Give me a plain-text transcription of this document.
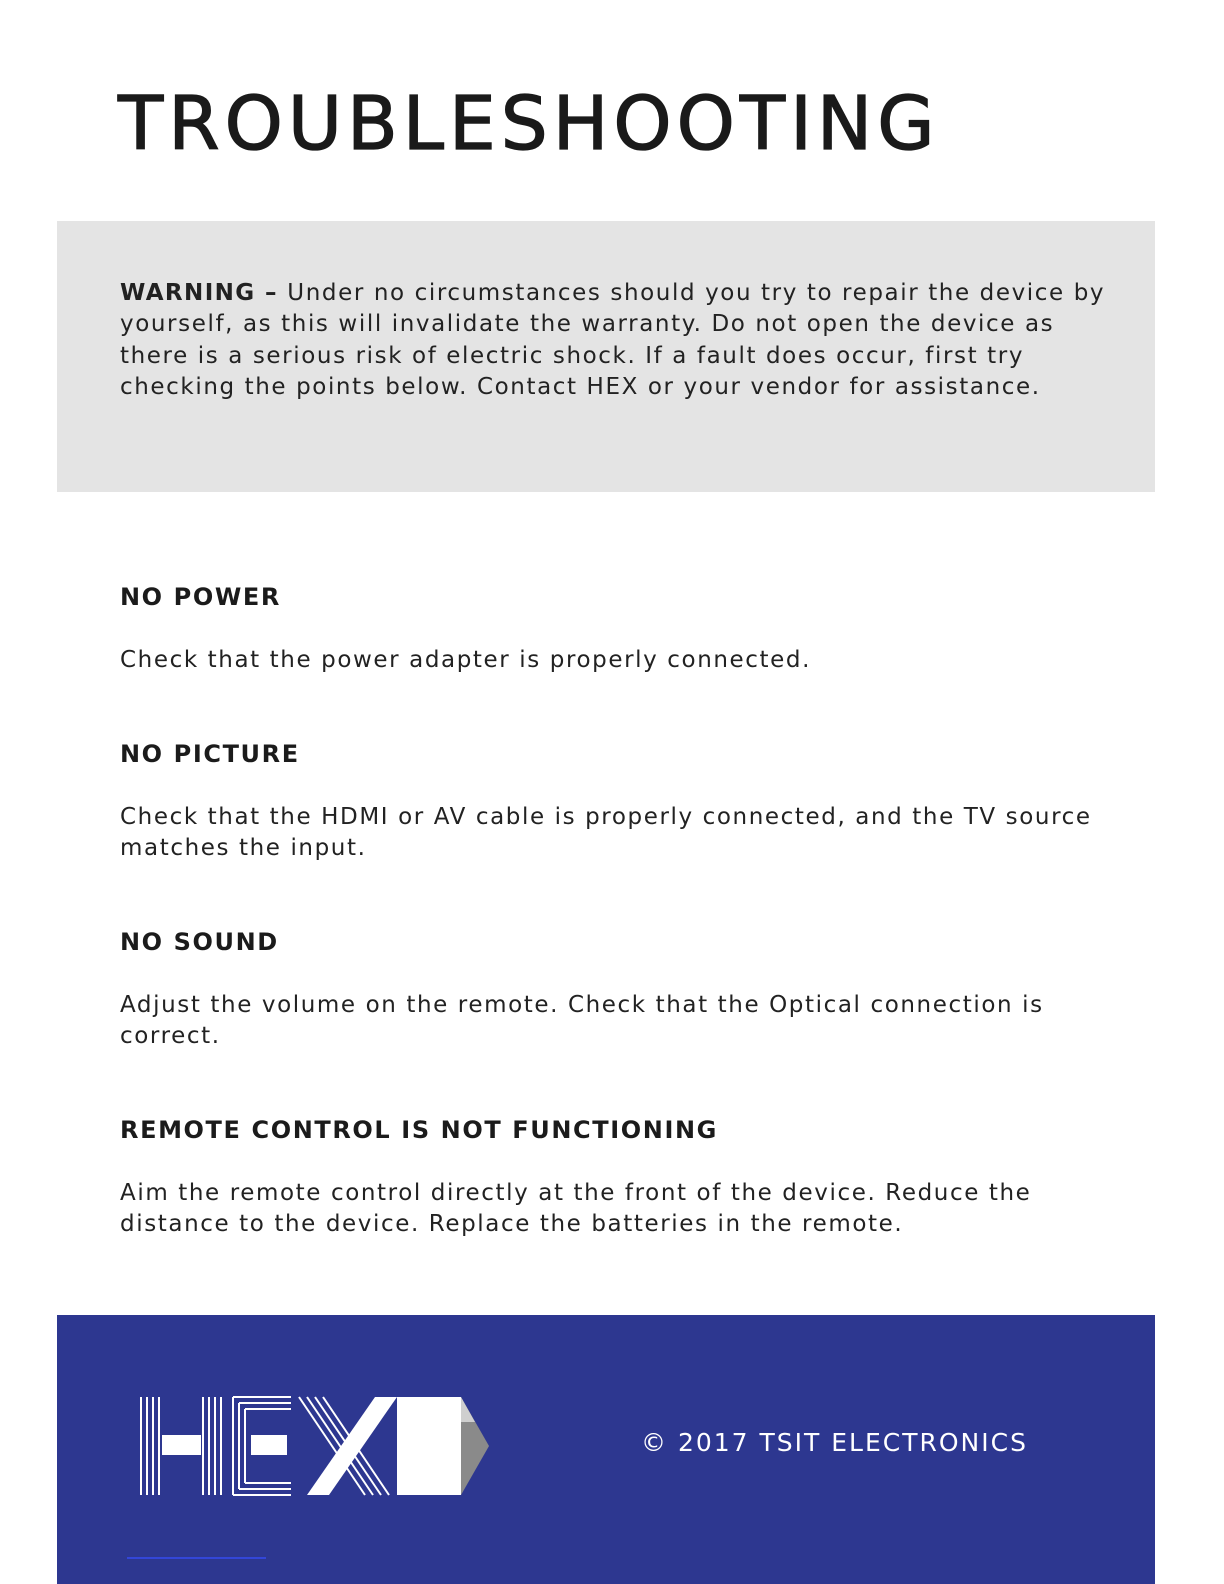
TROUBLESHOOTING

WARNING – Under no circumstances should you try to repair the device by yourself, as this will invalidate the warranty. Do not open the device as there is a serious risk of electric shock. If a fault does occur, first try checking the points below. Contact HEX or your vendor for assistance.

NO POWER

Check that the power adapter is properly connected.

NO PICTURE

Check that the HDMI or AV cable is properly connected, and the TV source matches the input.

NO SOUND

Adjust the volume on the remote. Check that the Optical connection is correct.

REMOTE CONTROL IS NOT FUNCTIONING

Aim the remote control directly at the front of the device. Reduce the distance to the device. Replace the batteries in the remote.

© 2017 TSIT ELECTRONICS
